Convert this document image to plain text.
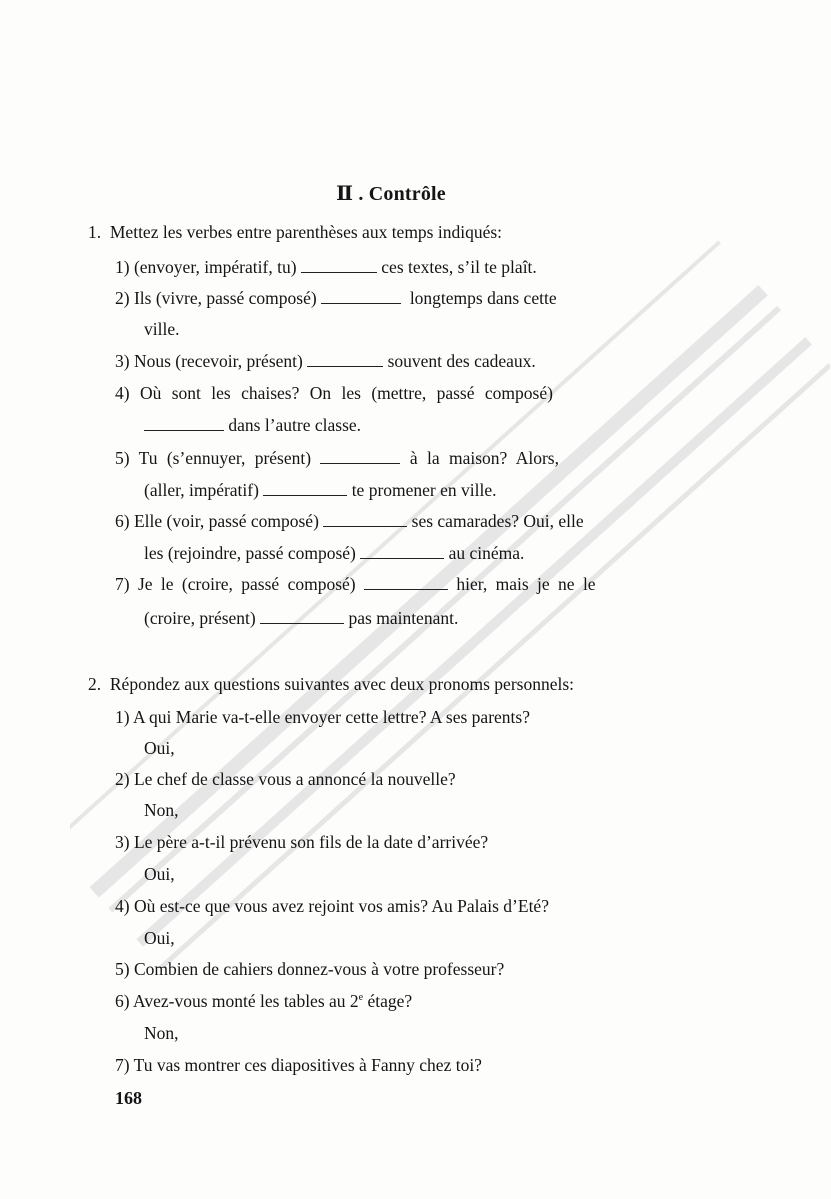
Ⅱ . Contrôle
1. Mettez les verbes entre parenthèses aux temps indiqués:
1) (envoyer, impératif, tu)	ces textes, s’il te plaît.
2) Ils (vivre, passé composé)	longtemps dans cette
ville.
3) Nous (recevoir, présent)	souvent des cadeaux.
4) Où sont les chaises? On les (mettre, passé composé)
dans l’autre classe.
5) Tu (s’ennuyer, présent)	à la maison? Alors,
(aller, impératif)	te promener en ville.
6) Elle (voir, passé composé)	ses camarades? Oui, elle
les (rejoindre, passé composé)	au cinéma.
7) Je le (croire, passé composé)	hier, mais je ne le
(croire, présent)	pas maintenant.
2. Répondez aux questions suivantes avec deux pronoms personnels:
1) A qui Marie va-t-elle envoyer cette lettre? A ses parents?
Oui,
2) Le chef de classe vous a annoncé la nouvelle?
Non,
3) Le père a-t-il prévenu son fils de la date d’arrivée?
Oui,
4) Où est-ce que vous avez rejoint vos amis? Au Palais d’Eté?
Oui,
5) Combien de cahiers donnez-vous à votre professeur?
6) Avez-vous monté les tables au 2e étage?
Non,
7) Tu vas montrer ces diapositives à Fanny chez toi?
168
